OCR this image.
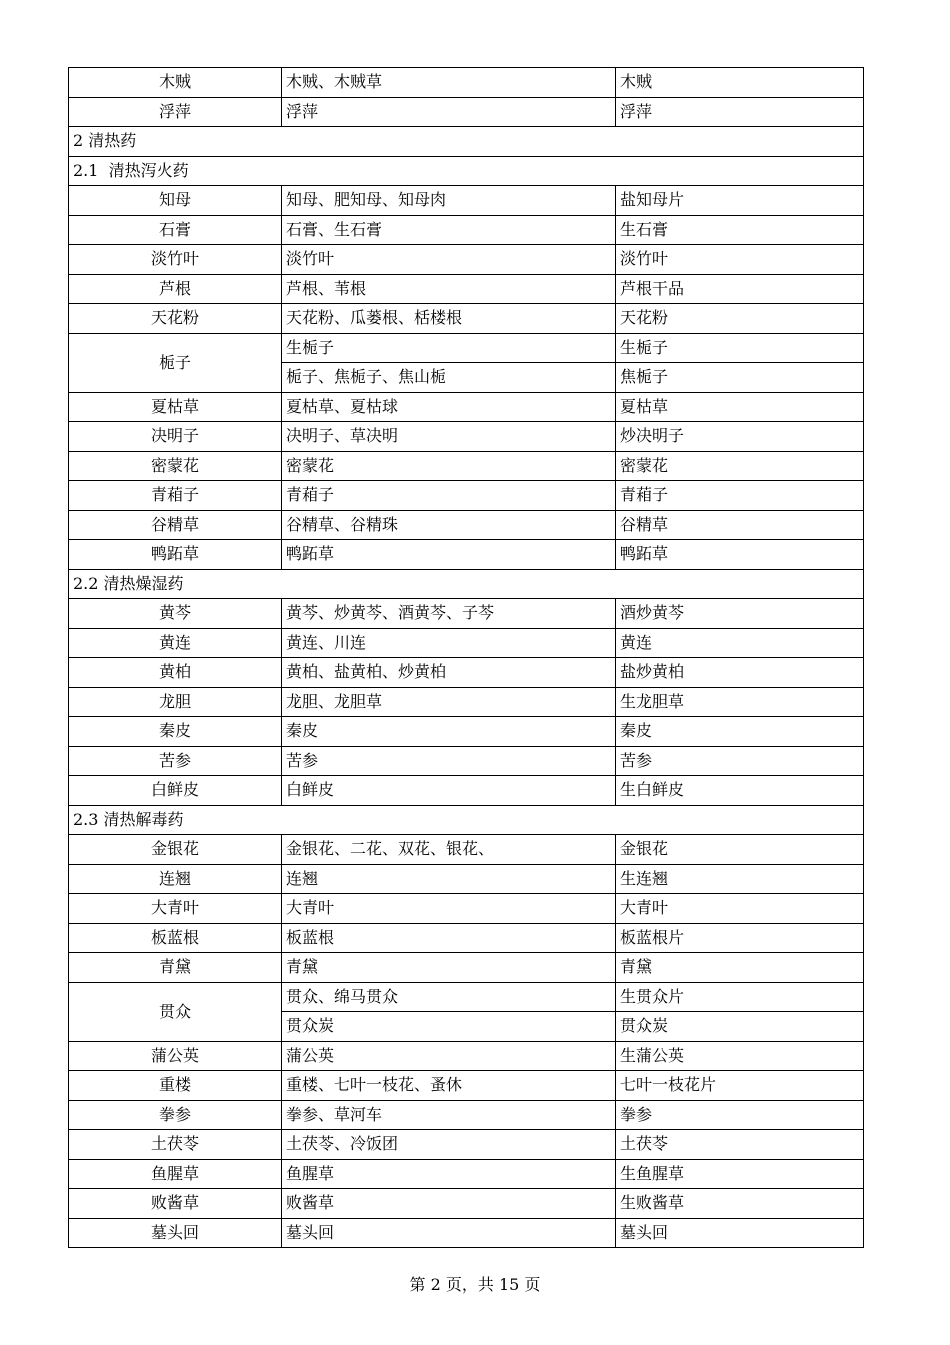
木贼	木贼、木贼草	木贼
浮萍	浮萍	浮萍
2 清热药		
2.1  清热泻火药		
知母	知母、肥知母、知母肉	盐知母片
石膏	石膏、生石膏	生石膏
淡竹叶	淡竹叶	淡竹叶
芦根	芦根、苇根	芦根干品
天花粉	天花粉、瓜蒌根、栝楼根	天花粉
栀子	生栀子	生栀子
	栀子、焦栀子、焦山栀	焦栀子
夏枯草	夏枯草、夏枯球	夏枯草
决明子	决明子、草决明	炒决明子
密蒙花	密蒙花	密蒙花
青葙子	青葙子	青葙子
谷精草	谷精草、谷精珠	谷精草
鸭跖草	鸭跖草	鸭跖草
2.2 清热燥湿药		
黄芩	黄芩、炒黄芩、酒黄芩、子芩	酒炒黄芩
黄连	黄连、川连	黄连
黄柏	黄柏、盐黄柏、炒黄柏	盐炒黄柏
龙胆	龙胆、龙胆草	生龙胆草
秦皮	秦皮	秦皮
苦参	苦参	苦参
白鲜皮	白鲜皮	生白鲜皮
2.3 清热解毒药		
金银花	金银花、二花、双花、银花、	金银花
连翘	连翘	生连翘
大青叶	大青叶	大青叶
板蓝根	板蓝根	板蓝根片
青黛	青黛	青黛
贯众	贯众、绵马贯众	生贯众片
	贯众炭	贯众炭
蒲公英	蒲公英	生蒲公英
重楼	重楼、七叶一枝花、蚤休	七叶一枝花片
拳参	拳参、草河车	拳参
土茯苓	土茯苓、冷饭团	土茯苓
鱼腥草	鱼腥草	生鱼腥草
败酱草	败酱草	生败酱草
墓头回	墓头回	墓头回
第 2 页，共 15 页
